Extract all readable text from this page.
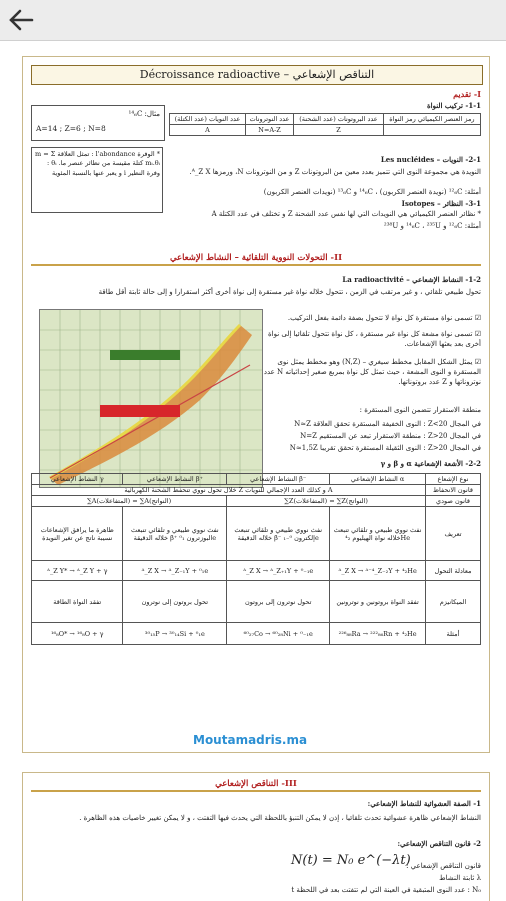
Décroissance radioactive – التناقص الإشعاعي
I- تقديم
1-1- تركيب النواة
عدد النويات (عدد الكتلة)	عدد النوترونات	عدد البروتونات (عدد الشحنة)	رمز العنصر الكيميائي رمز النواة
A	N=A-Z	Z	
مثال: ¹⁴₆C
A=14 ; Z=6 ; N=8
* الوفرة l'abondance : تمثل العلاقة m = Σ mᵢ.θᵢ كتلة مقيسة من نظائر عنصر ما. θᵢ : وفرة النظير i و يعبر عنها بالنسبة المئوية
2-1- النويات – Les nucléides
النويدة هي مجموعة النوى التي تتميز بعدد معين من البروتونات Z و من النوترونات N، ورمزها ᴬ_Z X.
أمثلة: ¹²₆C (نويدة العنصر الكربون) ، ¹⁴₆C و ¹³₆C (نويدات العنصر الكربون)
3-1- النظائر – Isotopes
* نظائر العنصر الكيميائي هي النويدات التي لها نفس عدد الشحنة Z و تختلف في عدد الكتلة A
أمثلة: ¹²₆C و ¹⁴₆C ، ²³⁵U و ²³⁸U
II- التحولات النووية التلقائية – النشاط الإشعاعي
1-2- النشاط الإشعاعي – La radioactivité
تحول طبيعي تلقائي ، و غير مرتقب في الزمن ، تتحول خلاله نواة غير مستقرة إلى نواة أخرى أكثر استقرارا و إلى حالة ثابتة أقل طاقة
☑ تسمى نواة مستقرة كل نواة لا تتحول بصفة دائمة بفعل التركيب.
☑ تسمى نواة مشعة كل نواة غير مستقرة ، كل نواة تتحول تلقائيا إلى نواة أخرى بعد بعثها الإشعاعات.
☑ يمثل الشكل المقابل مخطط سيغري – (N,Z) وهو مخطط يمثل نوى المستقرة و النوى المشعة ، حيث تمثل كل نواة بمربع صغير إحداثياته N عدد نوتروناتها و Z عدد بروتوناتها.
منطقة الاستقرار تتضمن النوى المستقرة :
في المجال Z<20 : النوى الخفيفة المستقرة تحقق العلاقة N≈Z
في المجال Z>20 : منطقة الاستقرار تبعد عن المستقيم N=Z
في المجال Z>20 : النوى الثقيلة المستقرة تحقق تقريبا N≈1,5Z
2-2- الأشعة الإشعاعية α و β و γ
النشاط الإشعاعي γ	النشاط الإشعاعي β⁺	النشاط الإشعاعي β⁻	النشاط الإشعاعي α	نوع الإشعاع
خلال تحول نووي تنحفظ الشحنة الكهربائية Z و كذلك العدد الإجمالي للنويات A				قانون الانحفاظ
∑A(المتفاعلات) = ∑A(النواتج)		∑Z(المتفاعلات) = ∑Z(النواتج)		قانون صودي
ظاهرة ما يرافق الإشعاعات نسيبة ناتج عن تغير النويدة	نفث نووي طبيعي و تلقائي تنبعث خلاله الدقيقة β⁺ البوزترون ⁰₁e	نفث نووي طبيعي و تلقائي تنبعث خلاله الدقيقة β⁻ إلكترون ⁰₋₁e	نفث نووي طبيعي و تلقائي تنبعث خلاله نواة الهيليوم ⁴₂He	تعريف
ᴬ_Z Y* → ᴬ_Z Y + γ	ᴬ_Z X → ᴬ_Z₋₁Y + ⁰₁e	ᴬ_Z X → ᴬ_Z₊₁Y + ⁰₋₁e	ᴬ_Z X → ᴬ⁻⁴_Z₋₂Y + ⁴₂He	معادلة التحول
تفقد النواة الطاقة	تحول بروتون إلى نوترون	تحول نوترون إلى بروتون	تفقد النواة بروتونين و نوترونين	الميكانيزم
¹⁶₈O* → ¹⁶₈O + γ	³⁰₁₅P → ³⁰₁₄Si + ⁰₁e	⁶⁰₂₇Co → ⁶⁰₂₈Ni + ⁰₋₁e	²²⁶₈₈Ra → ²²²₈₆Rn + ⁴₂He	أمثلة
Moutamadris.ma
III- التناقص الإشعاعي
1- الصفة العشوائية للنشاط الإشعاعي:
النشاط الإشعاعي ظاهرة عشوائية تحدث تلقائيا ، إذن لا يمكن التنبؤ باللحظة التي يحدث فيها التفتت ، و لا يمكن تغيير خاصيات هذه الظاهرة .
2- قانون التناقص الإشعاعي:
N(t) = N₀ e^(−λt)
قانون التناقص الإشعاعي :
λ ثابتة النشاط
N₀ : عدد النوى المتبقية في العينة التي لم تتفتت بعد في اللحظة t
